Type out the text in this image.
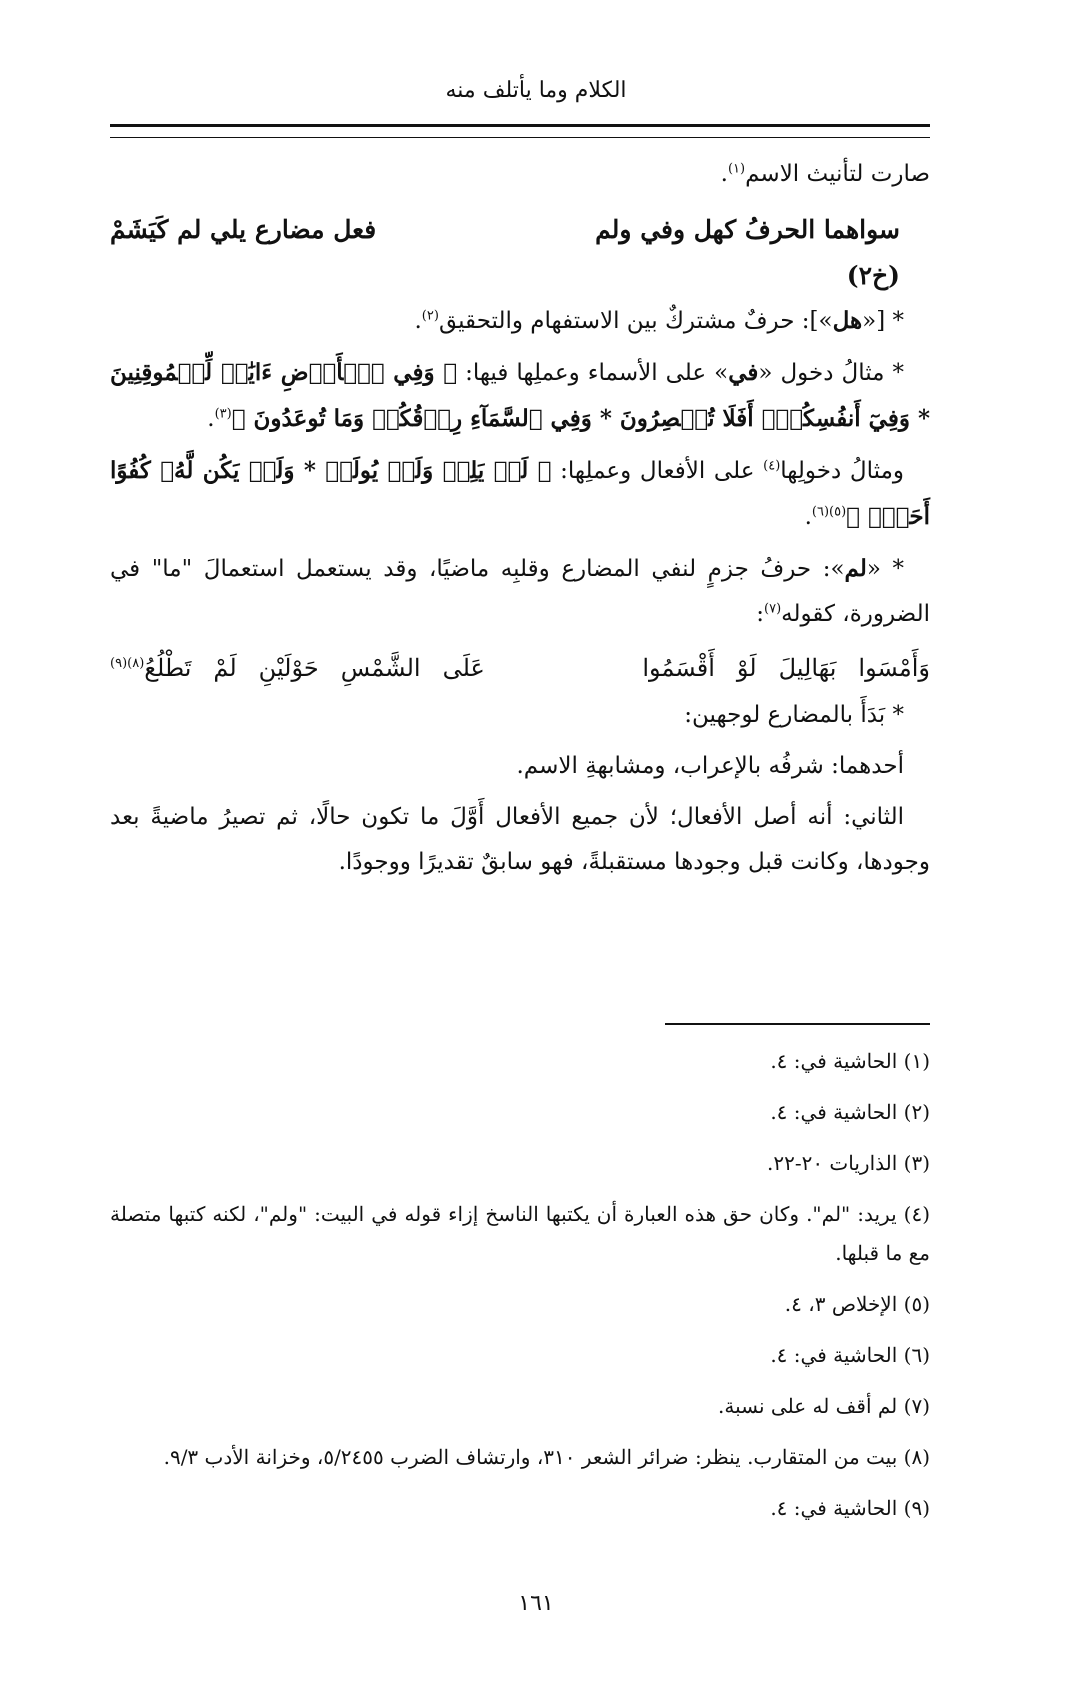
الكلام وما يأتلف منه

صارت لتأنيث الاسم$^{(١)}$.

سواهما الحرفُ كهل وفي ولم
فعل مضارع يلي لم كَيَشَمْ
(خ٢)

* [«هل»]: حرفٌ مشتركٌ بين الاستفهام والتحقيق$^{(٢)}$.

* مثالُ دخول «في» على الأسماء وعملِها فيها: ﴿ وَفِي ٱلۡأَرۡضِ ءَايَٰتٞ لِّلۡمُوقِنِينَ * وَفِيٓ أَنفُسِكُمۡۚ أَفَلَا تُبۡصِرُونَ * وَفِي ٱلسَّمَآءِ رِزۡقُكُمۡ وَمَا تُوعَدُونَ ﴾$^{(٣)}$.

ومثالُ دخولِها$^{(٤)}$ على الأفعال وعملِها: ﴿ لَمۡ يَلِدۡ وَلَمۡ يُولَدۡ * وَلَمۡ يَكُن لَّهُۥ كُفُوًا أَحَدُۢ ﴾$^{(٥)(٦)}$.

* «لم»: حرفُ جزمٍ لنفي المضارع وقلبِه ماضيًا، وقد يستعمل استعمالَ "ما" في الضرورة، كقوله$^{(٧)}$:

وَأَمْسَوا
بَهَالِيلَ
لَوْ
أَقْسَمُوا
عَلَى
الشَّمْسِ
حَوْلَيْنِ
لَمْ
تَطْلُعُ$^{(٨)(٩)}$

* بَدَأَ بالمضارع لوجهين:

أحدهما: شرفُه بالإعراب، ومشابهةِ الاسم.

الثاني: أنه أصل الأفعال؛ لأن جميع الأفعال أَوَّلَ ما تكون حالًا، ثم تصيرُ ماضيةً بعد وجودها، وكانت قبل وجودها مستقبلةً، فهو سابقٌ تقديرًا ووجودًا.

(١) الحاشية في: ٤.
(٢) الحاشية في: ٤.
(٣) الذاريات ٢٠-٢٢.
(٤) يريد: "لم". وكان حق هذه العبارة أن يكتبها الناسخ إزاء قوله في البيت: "ولم"، لكنه كتبها متصلة مع ما قبلها.
(٥) الإخلاص ٣، ٤.
(٦) الحاشية في: ٤.
(٧) لم أقف له على نسبة.
(٨) بيت من المتقارب. ينظر: ضرائر الشعر ٣١٠، وارتشاف الضرب ٥/٢٤٥٥، وخزانة الأدب ٩/٣.
(٩) الحاشية في: ٤.
١٦١
